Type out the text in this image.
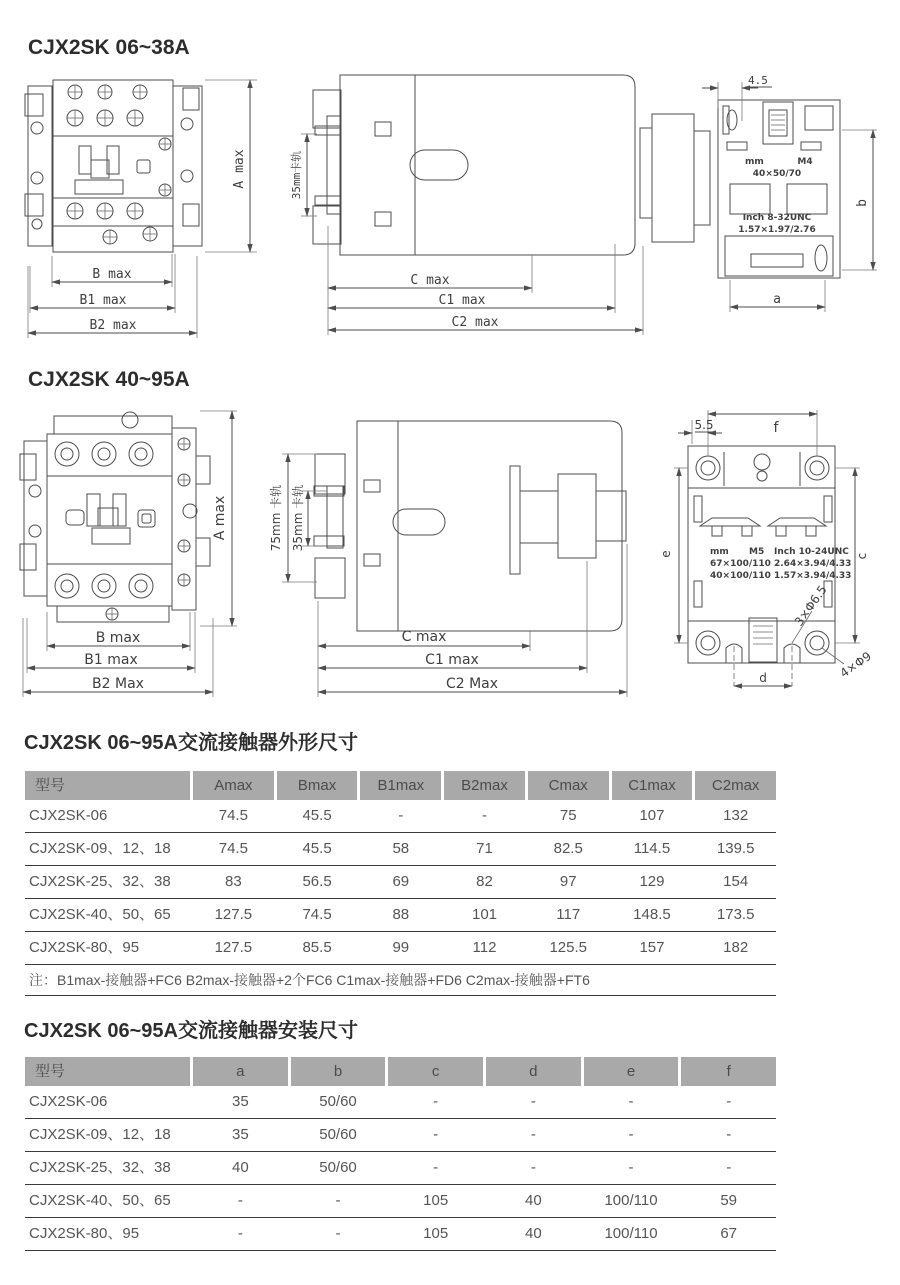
CJX2SK 06~38A
CJX2SK 40~95A
CJX2SK 06~95A交流接触器外形尺寸
CJX2SK 06~95A交流接触器安装尺寸
A max
B max
B1 max
B2 max
35mm卡轨
C max
C1 max
C2 max
mm	M4
40×50/70
Inch 8-32UNC
1.57×1.97/2.76
4.5
b
a
A max
B max
B1 max
B2 Max
75mm 卡轨 35mm 卡轨
C max
C1 max
C2 Max
mm M5 Inch 10-24UNC
67×100/110 2.64×3.94/4.33
40×100/110 1.57×3.94/4.33
f
5.5
e	c
d
3×Φ6.5
4×Φ9
型号	Amax	Bmax	B1max	B2max	Cmax	C1max	C2max
CJX2SK-06	74.5	45.5	-	-	75	107	132
CJX2SK-09、12、18	74.5	45.5	58	71	82.5	114.5	139.5
CJX2SK-25、32、38	83	56.5	69	82	97	129	154
CJX2SK-40、50、65	127.5	74.5	88	101	117	148.5	173.5
CJX2SK-80、95	127.5	85.5	99	112	125.5	157	182
注：B1max-接触器+FC6 B2max-接触器+2个FC6 C1max-接触器+FD6 C2max-接触器+FT6
型号	a	b	c	d	e	f
CJX2SK-06	35	50/60	-	-	-	-
CJX2SK-09、12、18	35	50/60	-	-	-	-
CJX2SK-25、32、38	40	50/60	-	-	-	-
CJX2SK-40、50、65	-	-	105	40	100/110	59
CJX2SK-80、95	-	-	105	40	100/110	67
